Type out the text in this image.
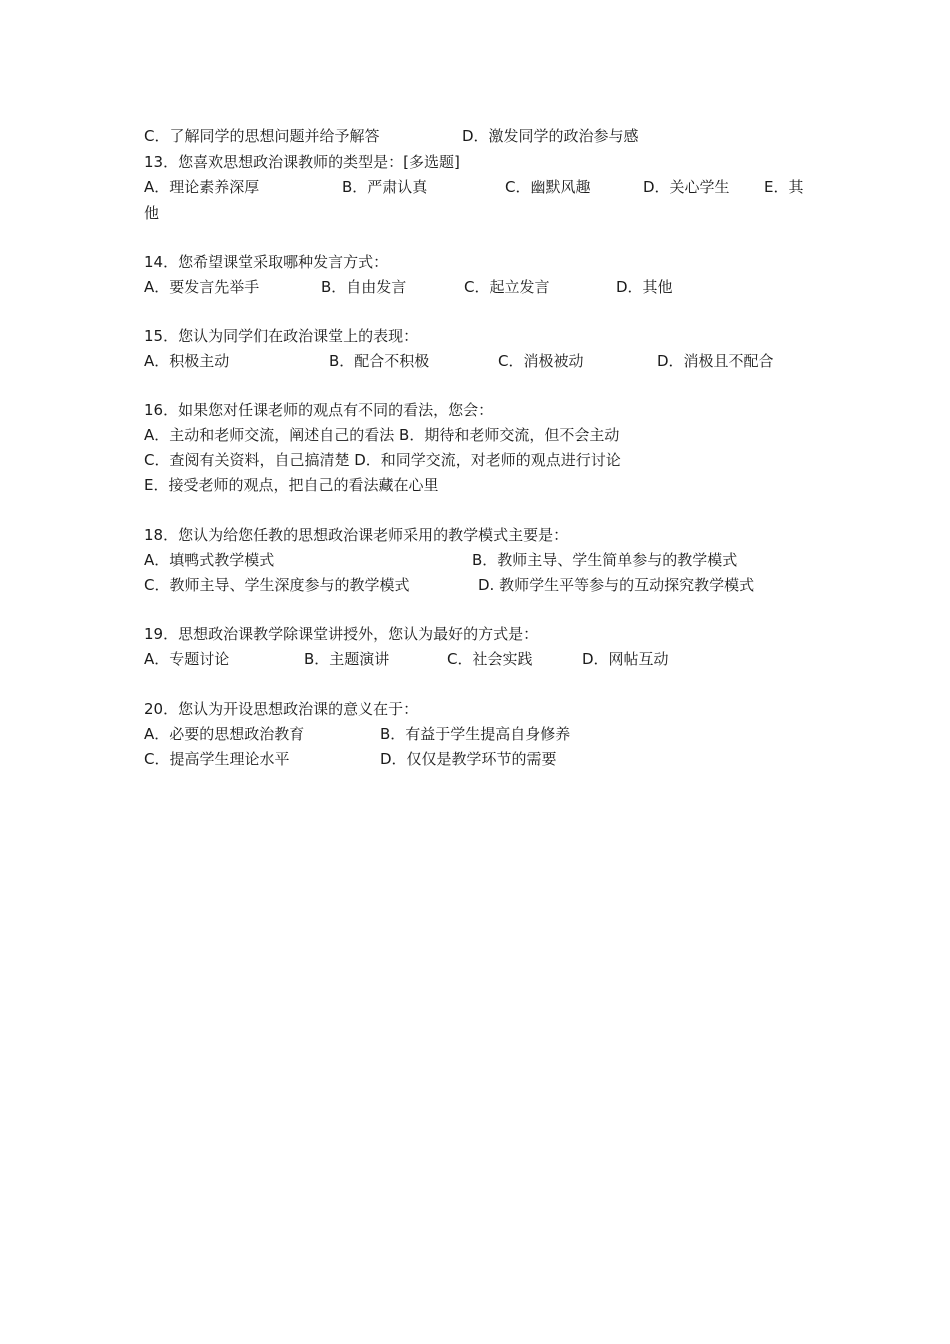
C．了解同学的思想问题并给予解答	D．激发同学的政治参与感
13．您喜欢思想政治课教师的类型是：[多选题]
A．理论素养深厚	B．严肃认真	C．幽默风趣	D．关心学生 E．其
他
14．您希望课堂采取哪种发言方式：
A．要发言先举手	B．自由发言	C．起立发言	D．其他
15．您认为同学们在政治课堂上的表现：
A．积极主动	B．配合不积极	C．消极被动	D．消极且不配合
16．如果您对任课老师的观点有不同的看法，您会：
A．主动和老师交流，阐述自己的看法 B．期待和老师交流，但不会主动
C．查阅有关资料，自己搞清楚 D．和同学交流，对老师的观点进行讨论
E．接受老师的观点，把自己的看法藏在心里
18．您认为给您任教的思想政治课老师采用的教学模式主要是：
A．填鸭式教学模式	B．教师主导、学生简单参与的教学模式
C．教师主导、学生深度参与的教学模式	D. 教师学生平等参与的互动探究教学模式
19．思想政治课教学除课堂讲授外，您认为最好的方式是：
A．专题讨论	B．主题演讲	C．社会实践	D．网帖互动
20．您认为开设思想政治课的意义在于：
A．必要的思想政治教育	B．有益于学生提高自身修养
C．提高学生理论水平	D．仅仅是教学环节的需要
